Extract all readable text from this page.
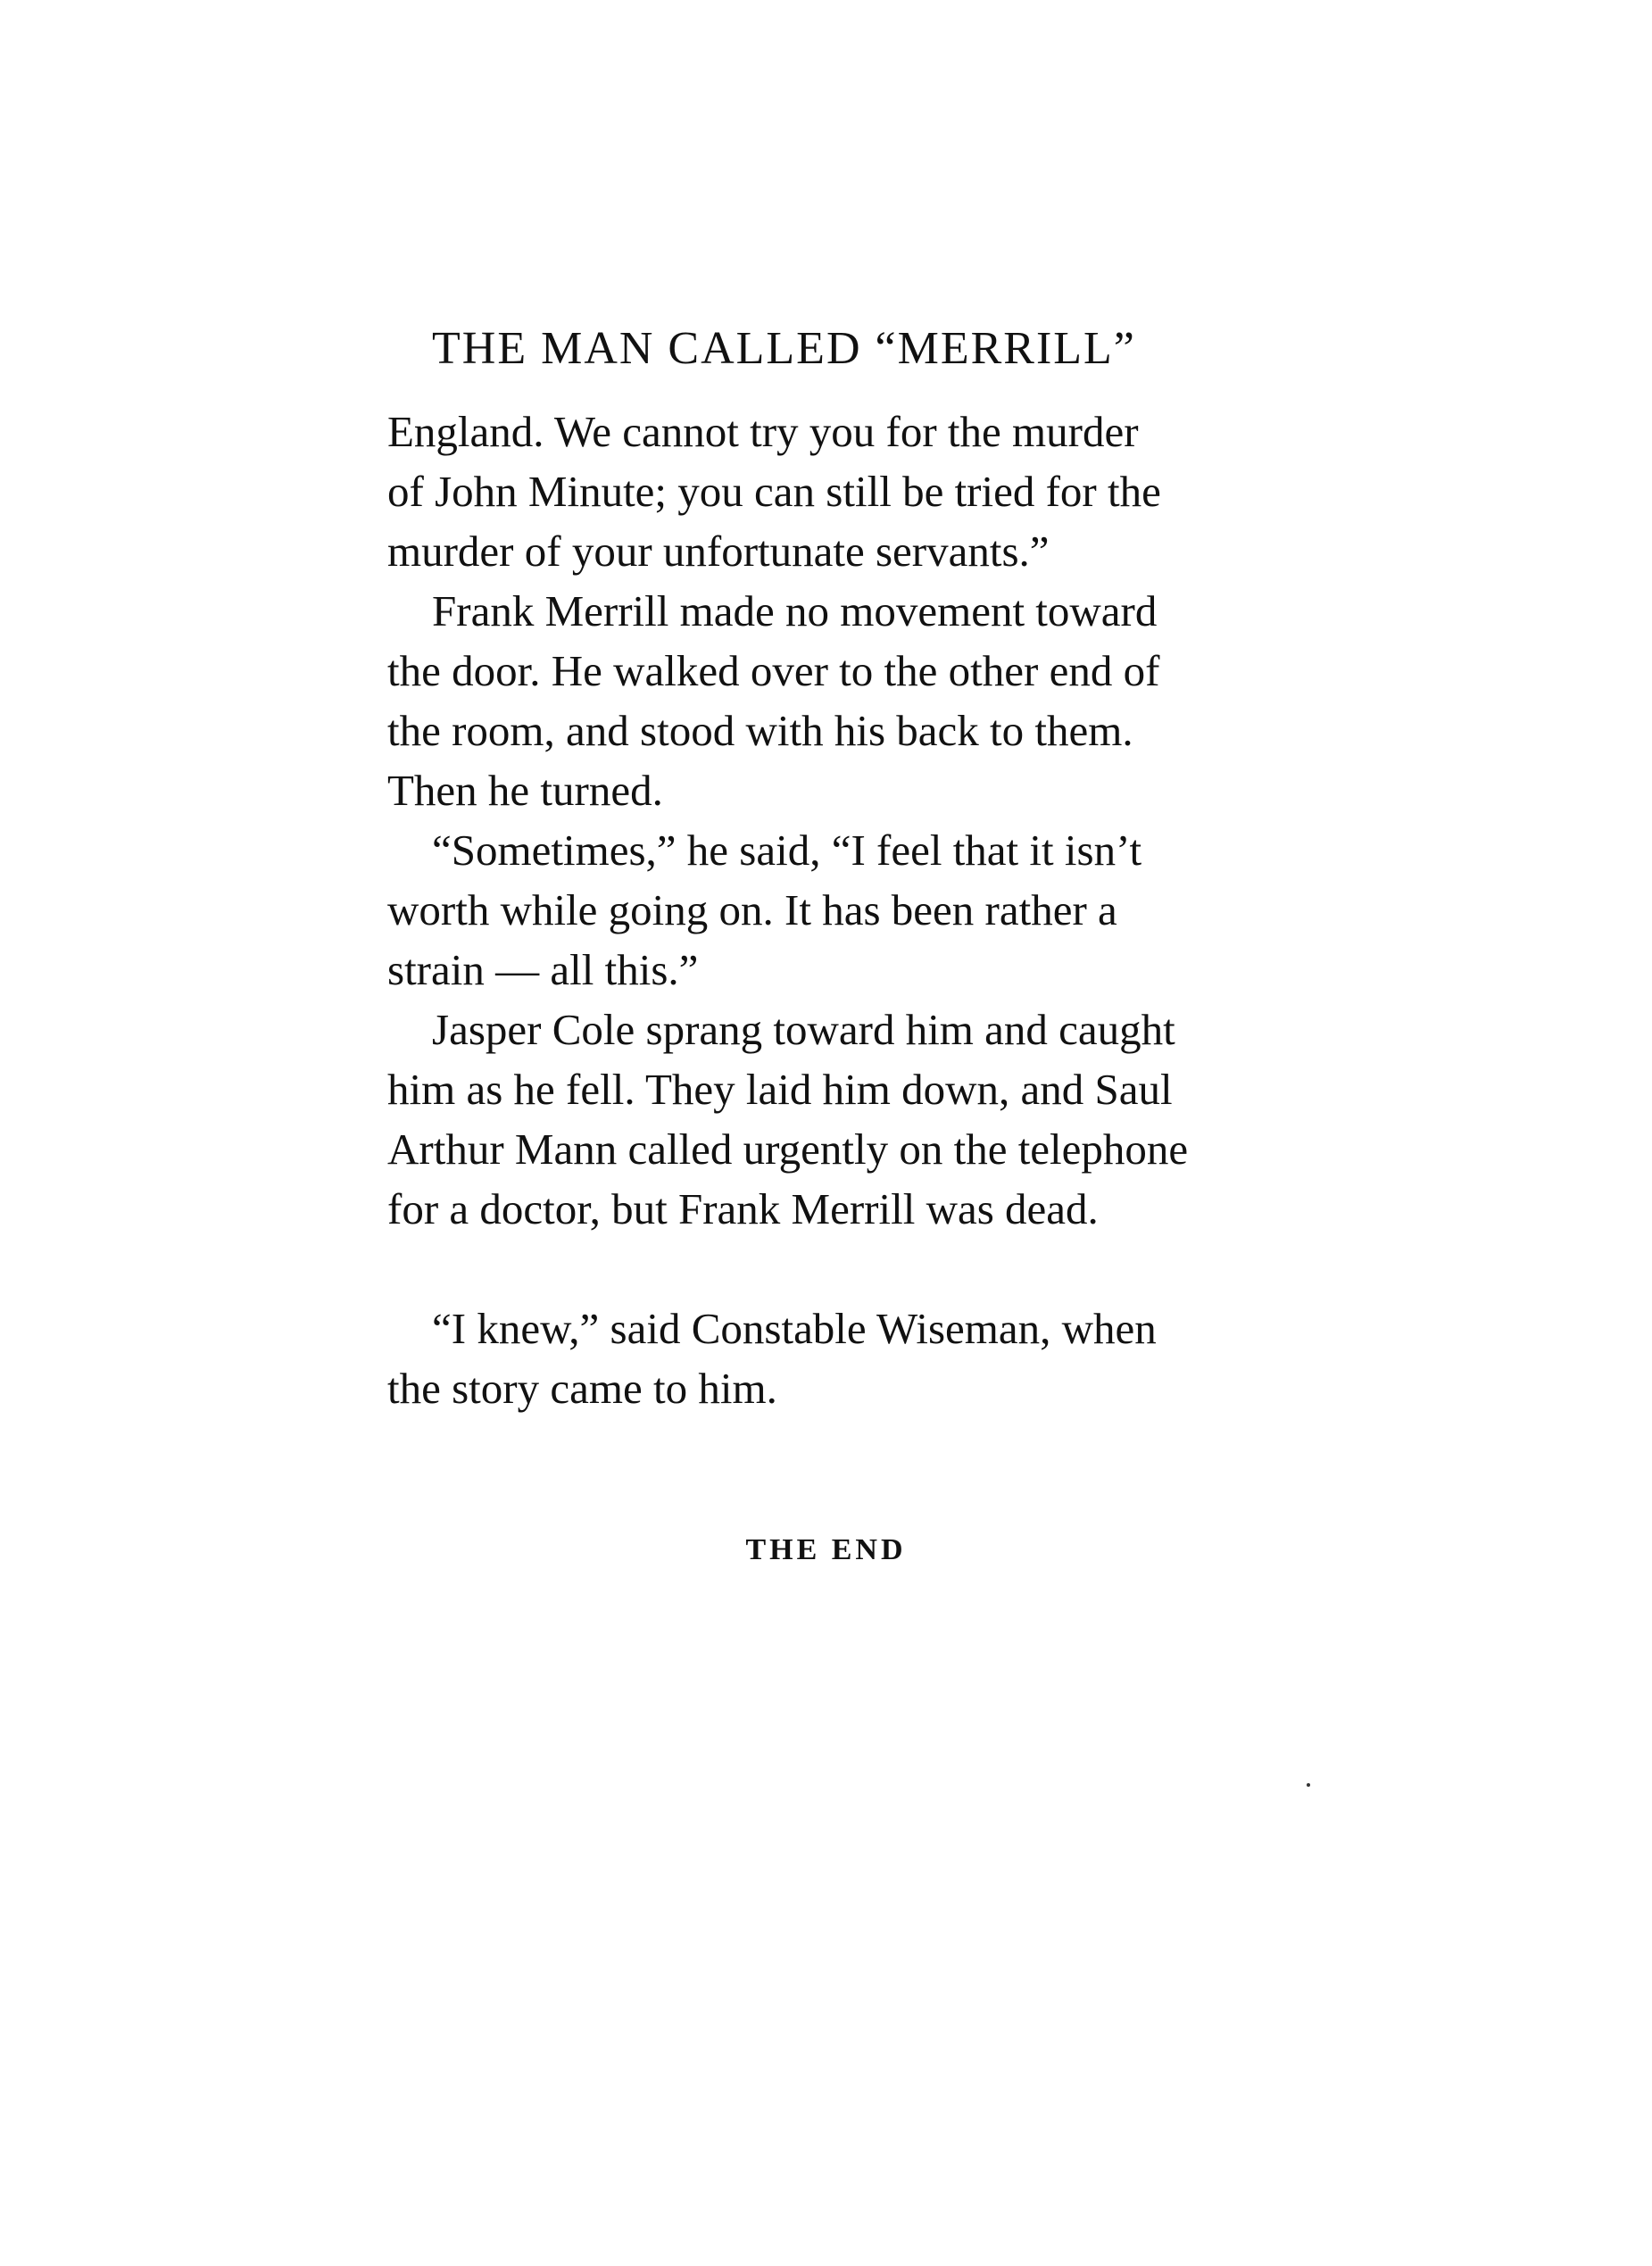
THE MAN CALLED “MERRILL”

England. We cannot try you for the murder
of John Minute; you can still be tried for the
murder of your unfortunate servants.”

Frank Merrill made no movement toward
the door. He walked over to the other end of
the room, and stood with his back to them.
Then he turned.

“Sometimes,” he said, “I feel that it isn’t
worth while going on. It has been rather a
strain — all this.”

Jasper Cole sprang toward him and caught
him as he fell. They laid him down, and Saul
Arthur Mann called urgently on the telephone
for a doctor, but Frank Merrill was dead.

“I knew,” said Constable Wiseman, when
the story came to him.

THE END
